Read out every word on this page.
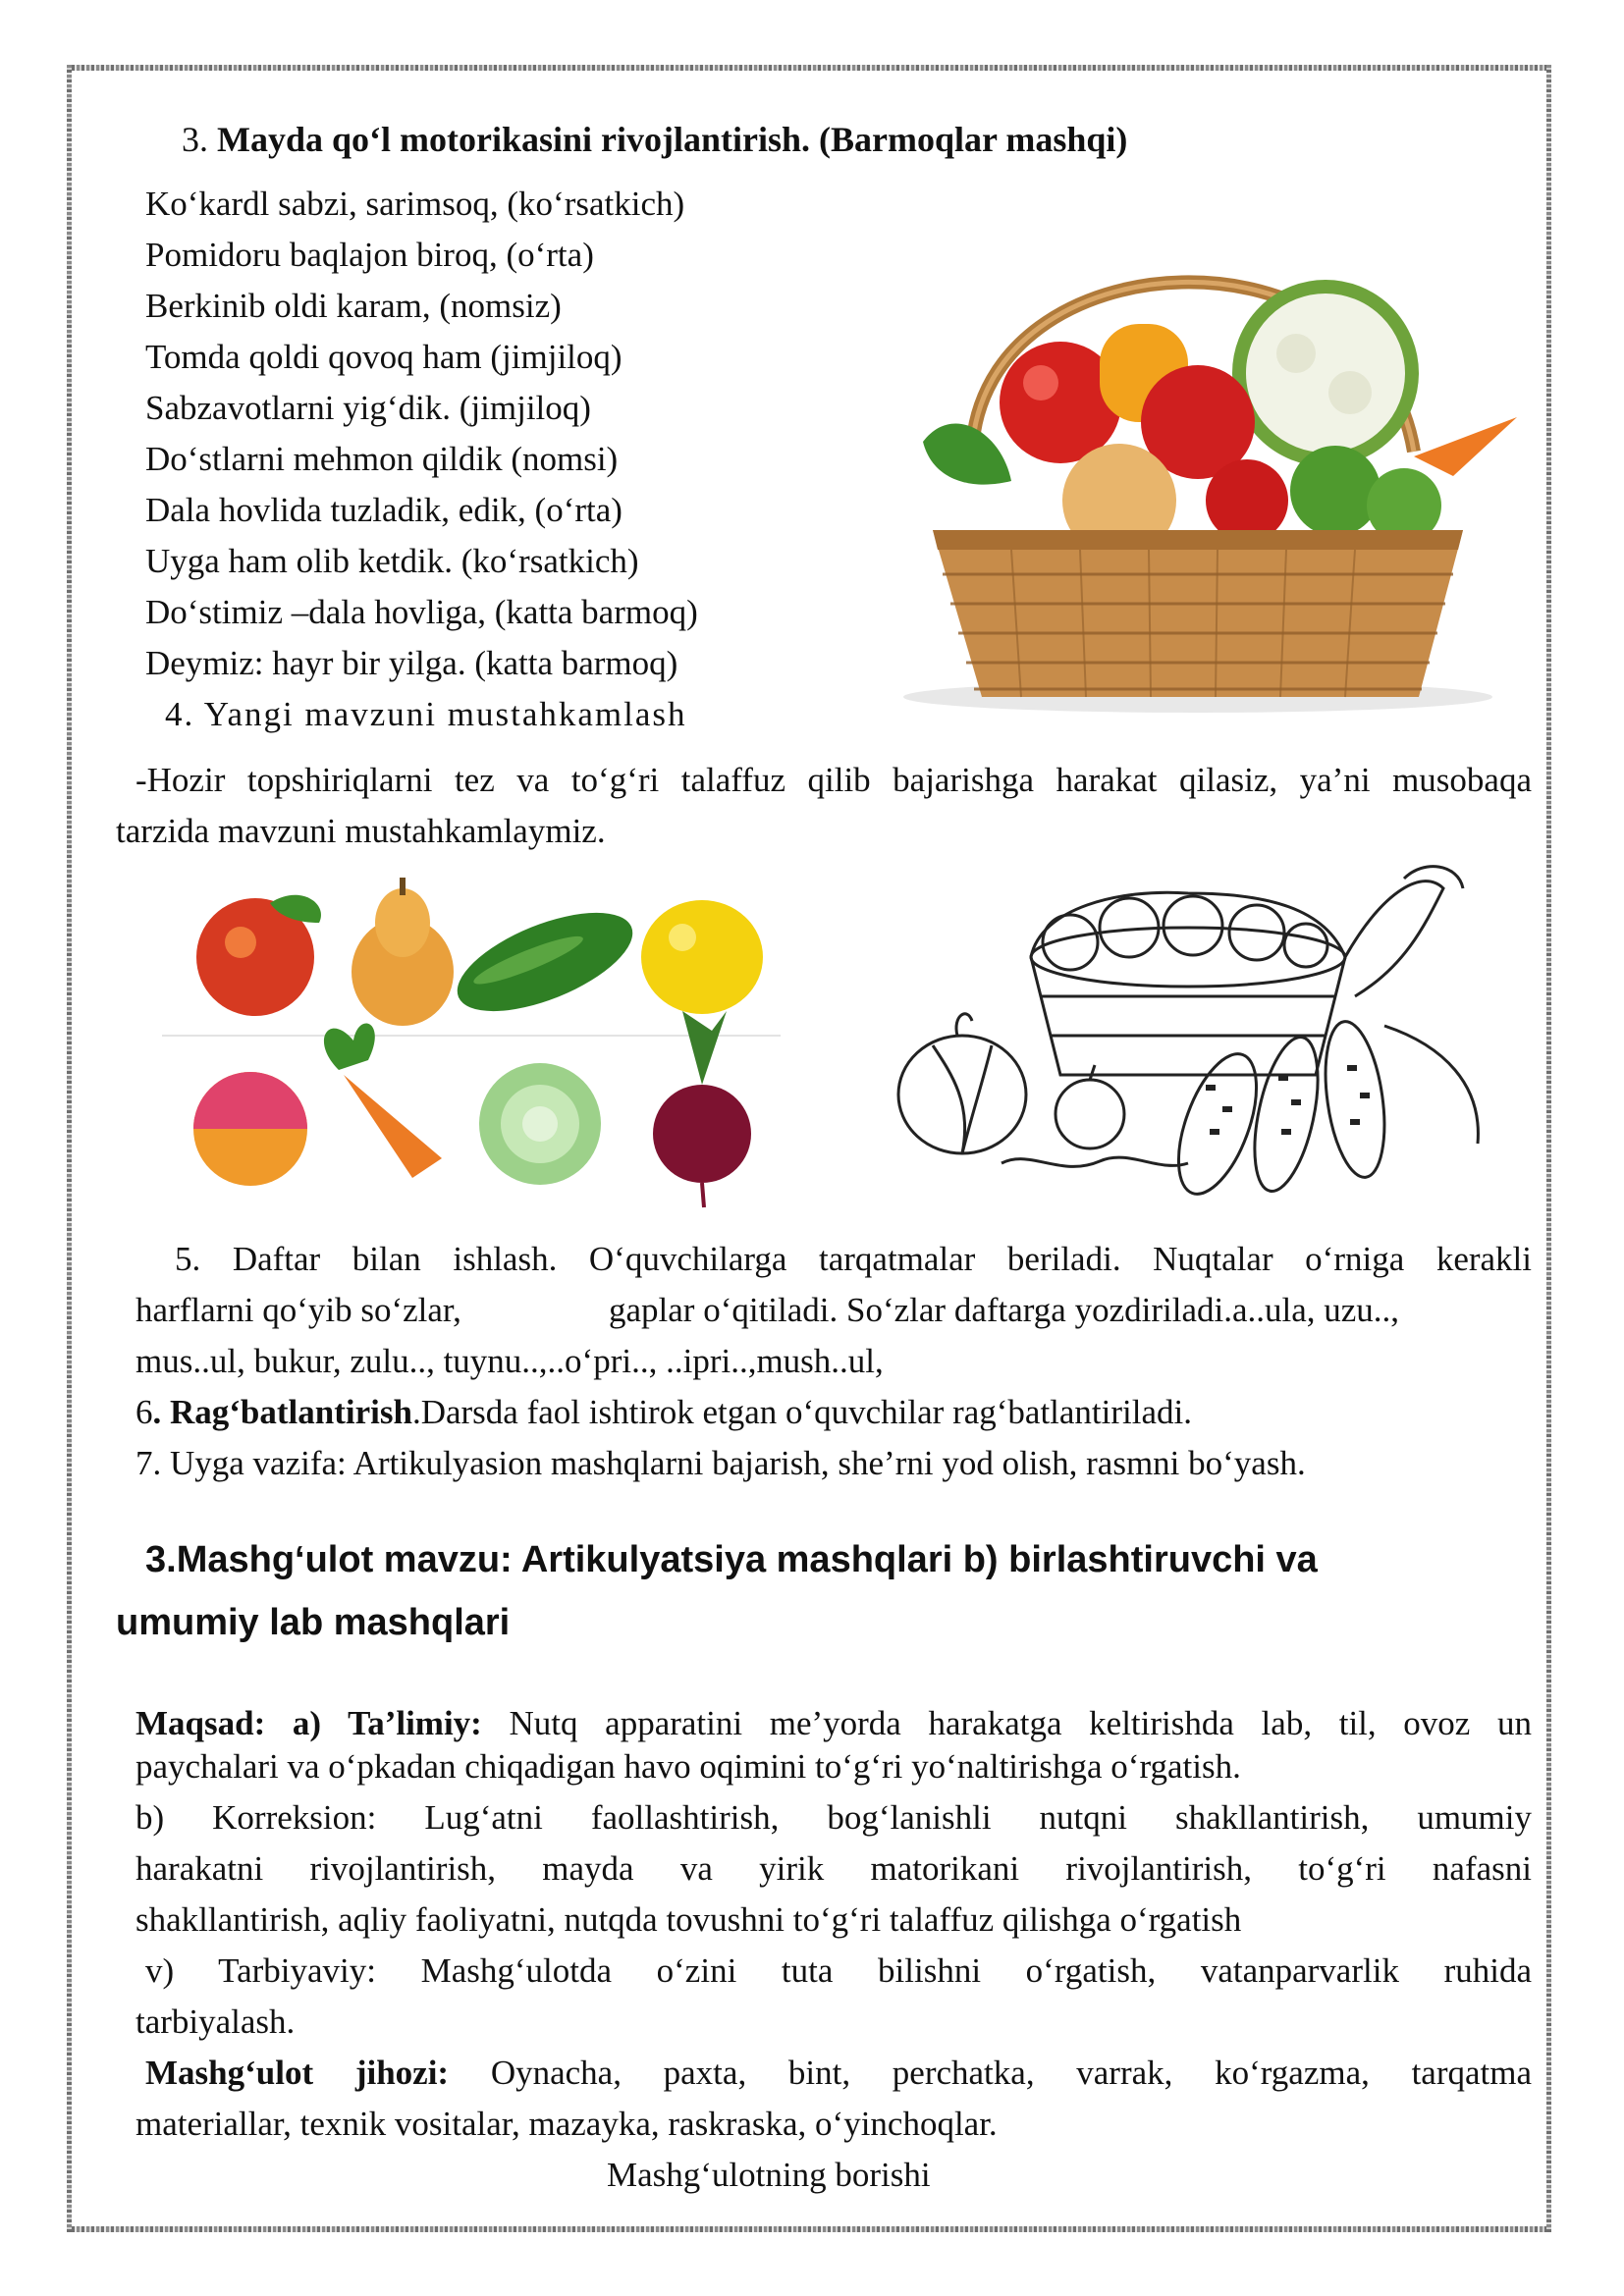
3. Mayda qo‘l motorikasini rivojlantirish. (Barmoqlar mashqi)
Ko‘kardl sabzi, sarimsoq, (ko‘rsatkich)
Pomidoru baqlajon biroq, (o‘rta)
Berkinib oldi karam, (nomsiz)
Tomda qoldi qovoq ham (jimjiloq)
Sabzavotlarni yig‘dik. (jimjiloq)
Do‘stlarni mehmon qildik (nomsi)
Dala hovlida tuzladik, edik, (o‘rta)
Uyga ham olib ketdik. (ko‘rsatkich)
Do‘stimiz –dala hovliga, (katta barmoq)
Deymiz: hayr bir yilga. (katta barmoq)
4. Yangi mavzuni mustahkamlash
-Hozir topshiriqlarni tez va to‘g‘ri talaffuz qilib bajarishga harakat qilasiz, ya’ni musobaqa
tarzida mavzuni mustahkamlaymiz.
5. Daftar bilan ishlash. O‘quvchilarga tarqatmalar beriladi. Nuqtalar o‘rniga kerakli
harflarni qo‘yib so‘zlar,	gaplar o‘qitiladi. So‘zlar daftarga yozdiriladi.a..ula, uzu..,
mus..ul, bukur, zulu.., tuynu..,..o‘pri.., ..ipri..,mush..ul,
6. Rag‘batlantirish.Darsda faol ishtirok etgan o‘quvchilar rag‘batlantiriladi.
7. Uyga vazifa: Artikulyasion mashqlarni bajarish, she’rni yod olish, rasmni bo‘yash.
3.Mashg‘ulot mavzu: Artikulyatsiya mashqlari b) birlashtiruvchi va
umumiy lab mashqlari
Maqsad: a) Ta’limiy: Nutq apparatini me’yorda harakatga keltirishda lab, til, ovoz un
paychalari va o‘pkadan chiqadigan havo oqimini to‘g‘ri yo‘naltirishga o‘rgatish.
b) Korreksion: Lug‘atni faollashtirish, bog‘lanishli nutqni shakllantirish, umumiy
harakatni rivojlantirish, mayda va yirik matorikani rivojlantirish, to‘g‘ri nafasni
shakllantirish, aqliy faoliyatni, nutqda tovushni to‘g‘ri talaffuz qilishga o‘rgatish
v) Tarbiyaviy: Mashg‘ulotda o‘zini tuta bilishni o‘rgatish, vatanparvarlik ruhida
tarbiyalash.
Mashg‘ulot jihozi: Oynacha, paxta, bint, perchatka, varrak, ko‘rgazma, tarqatma
materiallar, texnik vositalar, mazayka, raskraska, o‘yinchoqlar.
Mashg‘ulotning borishi
